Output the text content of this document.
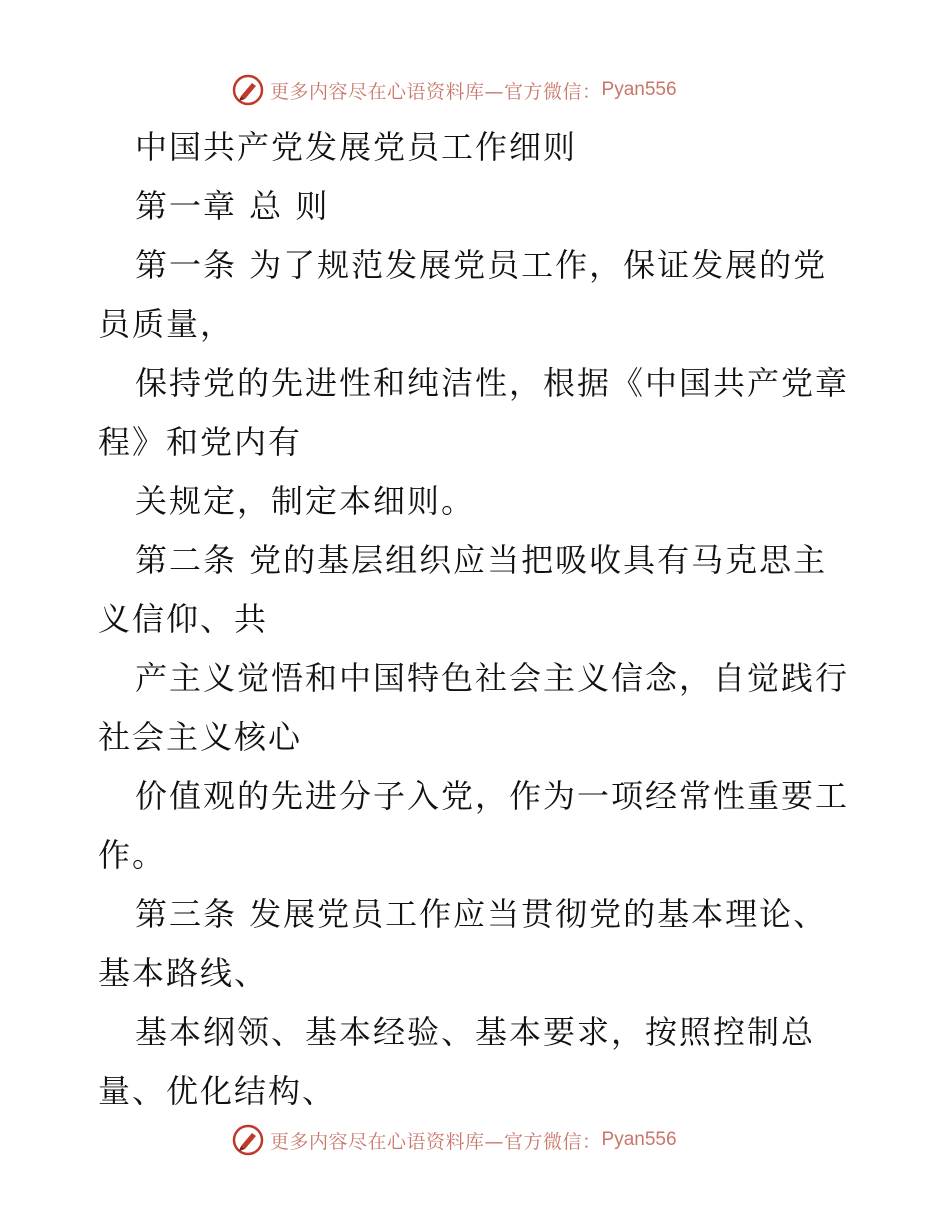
更多内容尽在心语资料库—官方微信： Pyan556
中国共产党发展党员工作细则
第一章 总 则
第一条 为了规范发展党员工作，保证发展的党
员质量，
保持党的先进性和纯洁性，根据《中国共产党章
程》和党内有
关规定，制定本细则。
第二条 党的基层组织应当把吸收具有马克思主
义信仰、共
产主义觉悟和中国特色社会主义信念，自觉践行
社会主义核心
价值观的先进分子入党，作为一项经常性重要工
作。
第三条 发展党员工作应当贯彻党的基本理论、
基本路线、
基本纲领、基本经验、基本要求，按照控制总
量、优化结构、
更多内容尽在心语资料库—官方微信： Pyan556
